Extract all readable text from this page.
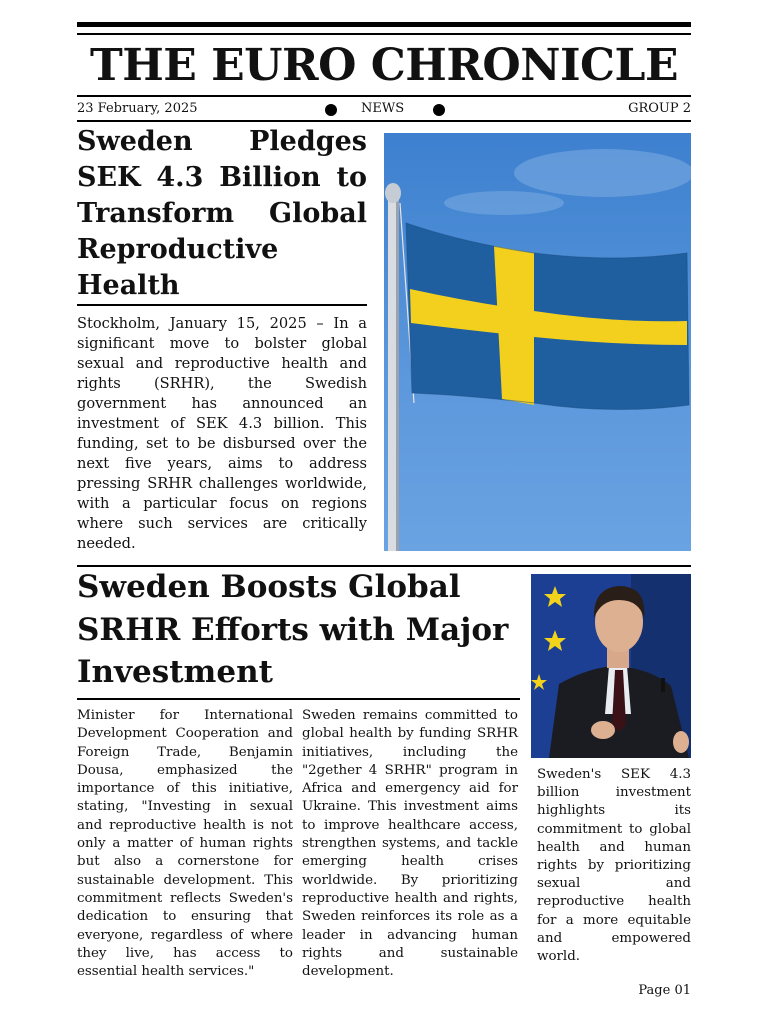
THE EURO CHRONICLE
23 February, 2025	NEWS	GROUP 2
Sweden Pledges SEK 4.3 Billion to Transform Global Reproductive Health
Stockholm, January 15, 2025 – In a significant move to bolster global sexual and reproductive health and rights (SRHR), the Swedish government has announced an investment of SEK 4.3 billion. This funding, set to be disbursed over the next five years, aims to address pressing SRHR challenges worldwide, with a particular focus on regions where such services are critically needed.
Sweden Boosts Global SRHR Efforts with Major Investment
Minister for International Development Cooperation and Foreign Trade, Benjamin Dousa, emphasized the importance of this initiative, stating, "Investing in sexual and reproductive health is not only a matter of human rights but also a cornerstone for sustainable development. This commitment reflects Sweden's dedication to ensuring that everyone, regardless of where they live, has access to essential health services."
Sweden remains committed to global health by funding SRHR initiatives, including the "2gether 4 SRHR" program in Africa and emergency aid for Ukraine. This investment aims to improve healthcare access, strengthen systems, and tackle emerging health crises worldwide. By prioritizing reproductive health and rights, Sweden reinforces its role as a leader in advancing human rights and sustainable development.
Sweden's SEK 4.3 billion investment highlights its commitment to global health and human rights by prioritizing sexual and reproductive health for a more equitable and empowered world.
Page 01
